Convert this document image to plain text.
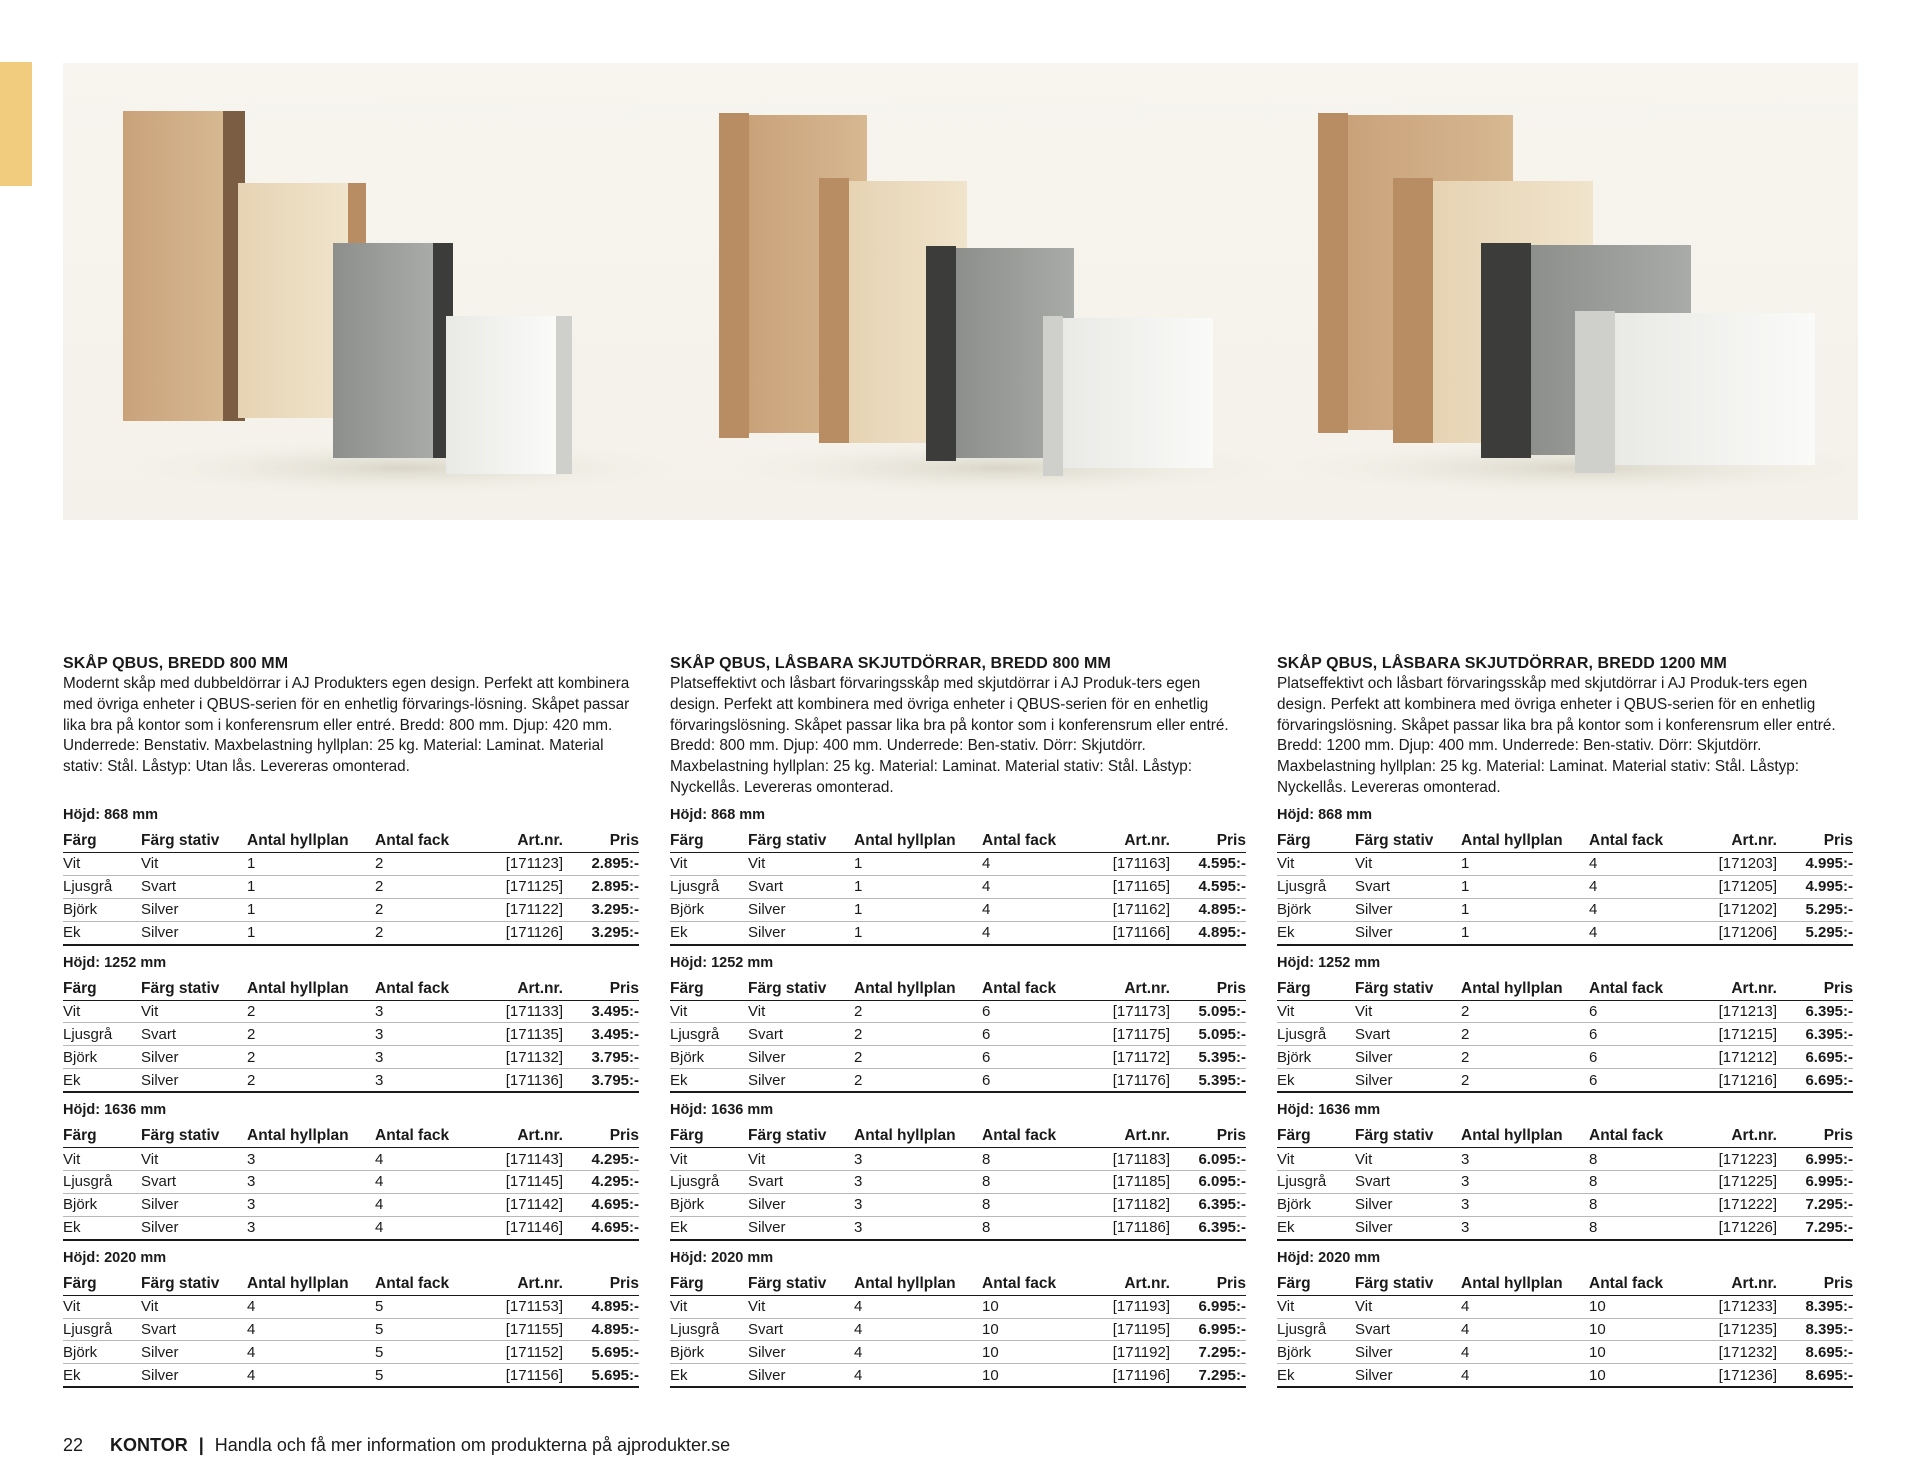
SKÅP QBUS, BREDD 800 MM

Modernt skåp med dubbeldörrar i AJ Produkters egen design. Perfekt att kombinera med övriga enheter i QBUS-serien för en enhetlig förvarings-lösning. Skåpet passar lika bra på kontor som i konferensrum eller entré. Bredd: 800 mm. Djup: 420 mm. Underrede: Benstativ. Maxbelastning hyllplan: 25 kg. Material: Laminat. Material stativ: Stål. Låstyp: Utan lås. Levereras omonterad.

Höjd: 868 mm
Färg	Färg stativ	Antal hyllplan	Antal fack	Art.nr.	Pris
Vit	Vit	1	2	[171123]	2.895:-
Ljusgrå	Svart	1	2	[171125]	2.895:-
Björk	Silver	1	2	[171122]	3.295:-
Ek	Silver	1	2	[171126]	3.295:-
Höjd: 1252 mm
Färg	Färg stativ	Antal hyllplan	Antal fack	Art.nr.	Pris
Vit	Vit	2	3	[171133]	3.495:-
Ljusgrå	Svart	2	3	[171135]	3.495:-
Björk	Silver	2	3	[171132]	3.795:-
Ek	Silver	2	3	[171136]	3.795:-
Höjd: 1636 mm
Färg	Färg stativ	Antal hyllplan	Antal fack	Art.nr.	Pris
Vit	Vit	3	4	[171143]	4.295:-
Ljusgrå	Svart	3	4	[171145]	4.295:-
Björk	Silver	3	4	[171142]	4.695:-
Ek	Silver	3	4	[171146]	4.695:-
Höjd: 2020 mm
Färg	Färg stativ	Antal hyllplan	Antal fack	Art.nr.	Pris
Vit	Vit	4	5	[171153]	4.895:-
Ljusgrå	Svart	4	5	[171155]	4.895:-
Björk	Silver	4	5	[171152]	5.695:-
Ek	Silver	4	5	[171156]	5.695:-
SKÅP QBUS, LÅSBARA SKJUTDÖRRAR, BREDD 800 MM

Platseffektivt och låsbart förvaringsskåp med skjutdörrar i AJ Produk-ters egen design. Perfekt att kombinera med övriga enheter i QBUS-serien för en enhetlig förvaringslösning. Skåpet passar lika bra på kontor som i konferensrum eller entré. Bredd: 800 mm. Djup: 400 mm. Underrede: Ben-stativ. Dörr: Skjutdörr. Maxbelastning hyllplan: 25 kg. Material: Laminat. Material stativ: Stål. Låstyp: Nyckellås. Levereras omonterad.

Höjd: 868 mm
Färg	Färg stativ	Antal hyllplan	Antal fack	Art.nr.	Pris
Vit	Vit	1	4	[171163]	4.595:-
Ljusgrå	Svart	1	4	[171165]	4.595:-
Björk	Silver	1	4	[171162]	4.895:-
Ek	Silver	1	4	[171166]	4.895:-
Höjd: 1252 mm
Färg	Färg stativ	Antal hyllplan	Antal fack	Art.nr.	Pris
Vit	Vit	2	6	[171173]	5.095:-
Ljusgrå	Svart	2	6	[171175]	5.095:-
Björk	Silver	2	6	[171172]	5.395:-
Ek	Silver	2	6	[171176]	5.395:-
Höjd: 1636 mm
Färg	Färg stativ	Antal hyllplan	Antal fack	Art.nr.	Pris
Vit	Vit	3	8	[171183]	6.095:-
Ljusgrå	Svart	3	8	[171185]	6.095:-
Björk	Silver	3	8	[171182]	6.395:-
Ek	Silver	3	8	[171186]	6.395:-
Höjd: 2020 mm
Färg	Färg stativ	Antal hyllplan	Antal fack	Art.nr.	Pris
Vit	Vit	4	10	[171193]	6.995:-
Ljusgrå	Svart	4	10	[171195]	6.995:-
Björk	Silver	4	10	[171192]	7.295:-
Ek	Silver	4	10	[171196]	7.295:-
SKÅP QBUS, LÅSBARA SKJUTDÖRRAR, BREDD 1200 MM

Platseffektivt och låsbart förvaringsskåp med skjutdörrar i AJ Produk-ters egen design. Perfekt att kombinera med övriga enheter i QBUS-serien för en enhetlig förvaringslösning. Skåpet passar lika bra på kontor som i konferensrum eller entré. Bredd: 1200 mm. Djup: 400 mm. Underrede: Ben-stativ. Dörr: Skjutdörr. Maxbelastning hyllplan: 25 kg. Material: Laminat. Material stativ: Stål. Låstyp: Nyckellås. Levereras omonterad.

Höjd: 868 mm
Färg	Färg stativ	Antal hyllplan	Antal fack	Art.nr.	Pris
Vit	Vit	1	4	[171203]	4.995:-
Ljusgrå	Svart	1	4	[171205]	4.995:-
Björk	Silver	1	4	[171202]	5.295:-
Ek	Silver	1	4	[171206]	5.295:-
Höjd: 1252 mm
Färg	Färg stativ	Antal hyllplan	Antal fack	Art.nr.	Pris
Vit	Vit	2	6	[171213]	6.395:-
Ljusgrå	Svart	2	6	[171215]	6.395:-
Björk	Silver	2	6	[171212]	6.695:-
Ek	Silver	2	6	[171216]	6.695:-
Höjd: 1636 mm
Färg	Färg stativ	Antal hyllplan	Antal fack	Art.nr.	Pris
Vit	Vit	3	8	[171223]	6.995:-
Ljusgrå	Svart	3	8	[171225]	6.995:-
Björk	Silver	3	8	[171222]	7.295:-
Ek	Silver	3	8	[171226]	7.295:-
Höjd: 2020 mm
Färg	Färg stativ	Antal hyllplan	Antal fack	Art.nr.	Pris
Vit	Vit	4	10	[171233]	8.395:-
Ljusgrå	Svart	4	10	[171235]	8.395:-
Björk	Silver	4	10	[171232]	8.695:-
Ek	Silver	4	10	[171236]	8.695:-
22 KONTOR | Handla och få mer information om produkterna på ajprodukter.se
